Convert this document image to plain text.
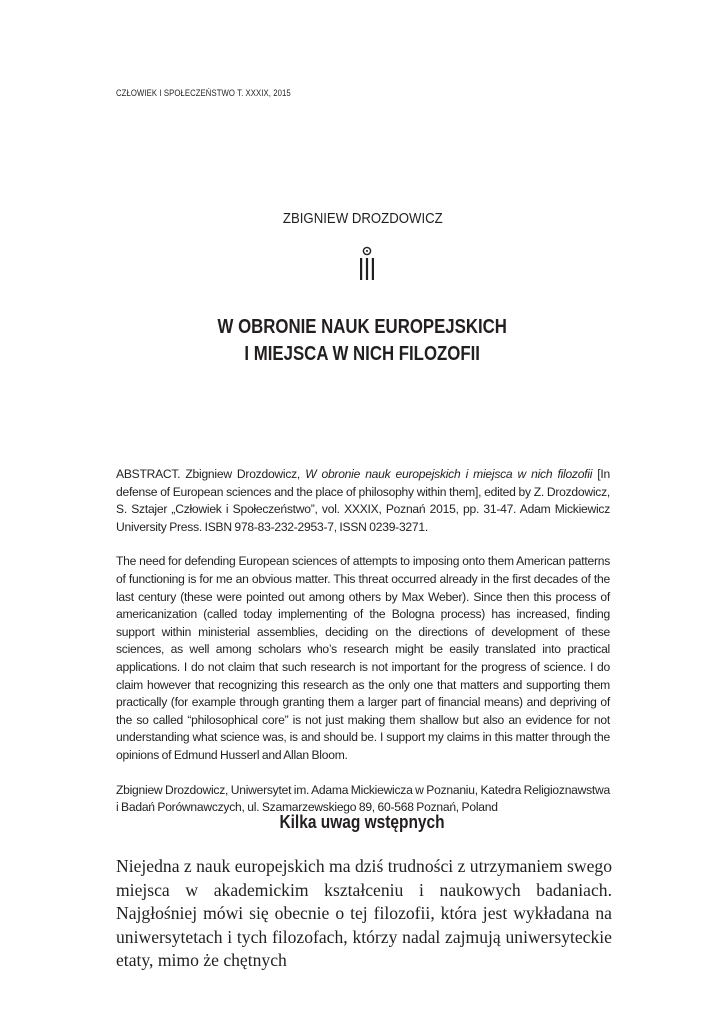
CZŁOWIEK I SPOŁECZEŃSTWO T. XXXIX, 2015
ZBIGNIEW DROZDOWICZ
W OBRONIE NAUK EUROPEJSKICH
I MIEJSCA W NICH FILOZOFII

ABSTRACT. Zbigniew Drozdowicz, W obronie nauk europejskich i miejsca w nich filozofii [In defense of European sciences and the place of philosophy within them], edited by Z. Drozdowicz, S. Sztajer „Człowiek i Społeczeństwo”, vol. XXXIX, Poznań 2015, pp. 31-47. Adam Mickiewicz University Press. ISBN 978-83-232-2953-7, ISSN 0239-3271.

The need for defending European sciences of attempts to imposing onto them American patterns of functioning is for me an obvious matter. This threat occurred already in the first decades of the last century (these were pointed out among others by Max Weber). Since then this process of americanization (called today implementing of the Bologna process) has increased, finding support within ministerial assemblies, deciding on the directions of development of these sciences, as well among scholars who’s research might be easily translated into practical applications. I do not claim that such research is not important for the progress of science. I do claim however that recognizing this research as the only one that matters and supporting them practically (for example through granting them a larger part of financial means) and depriving of the so called “philosophical core” is not just making them shallow but also an evidence for not understanding what science was, is and should be. I support my claims in this matter through the opinions of Edmund Husserl and Allan Bloom.

Zbigniew Drozdowicz, Uniwersytet im. Adama Mickiewicza w Poznaniu, Katedra Religioznawstwa i Badań Porównawczych, ul. Szamarzewskiego 89, 60-568 Poznań, Poland

Kilka uwag wstępnych

Niejedna z nauk europejskich ma dziś trudności z utrzymaniem swego miejsca w akademickim kształceniu i naukowych badaniach. Najgłośniej mówi się obecnie o tej filozofii, która jest wykładana na uniwersytetach i tych filozofach, którzy nadal zajmują uniwersyteckie etaty, mimo że chętnych
